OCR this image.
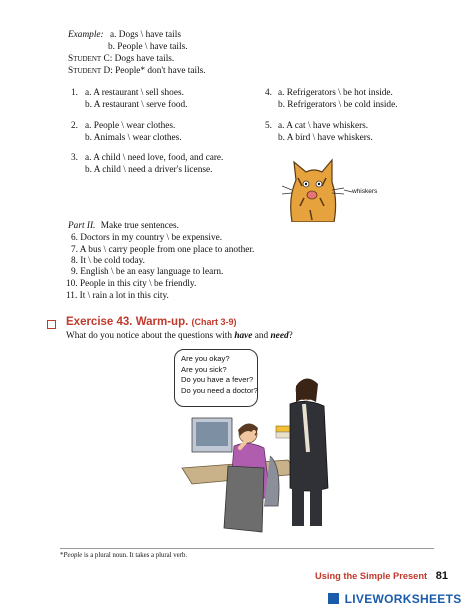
Example: a. Dogs \ have tails
b. People \ have tails.
Student C: Dogs have tails.
Student D: People* don't have tails.
1. a. A restaurant \ sell shoes.
b. A restaurant \ serve food.
2. a. People \ wear clothes.
b. Animals \ wear clothes.
3. a. A child \ need love, food, and care.
b. A child \ need a driver's license.
4. a. Refrigerators \ be hot inside.
b. Refrigerators \ be cold inside.
5. a. A cat \ have whiskers.
b. A bird \ have whiskers.
whiskers
Part II. Make true sentences.
6. Doctors in my country \ be expensive.
7. A bus \ carry people from one place to another.
8. It \ be cold today.
9. English \ be an easy language to learn.
10. People in this city \ be friendly.
11. It \ rain a lot in this city.
Exercise 43. Warm-up. (Chart 3-9)
What do you notice about the questions with have and need?
Are you okay?
Are you sick?
Do you have a fever?
Do you need a doctor?
*People is a plural noun. It takes a plural verb.
Using the Simple Present 81
LIVEWORKSHEETS
